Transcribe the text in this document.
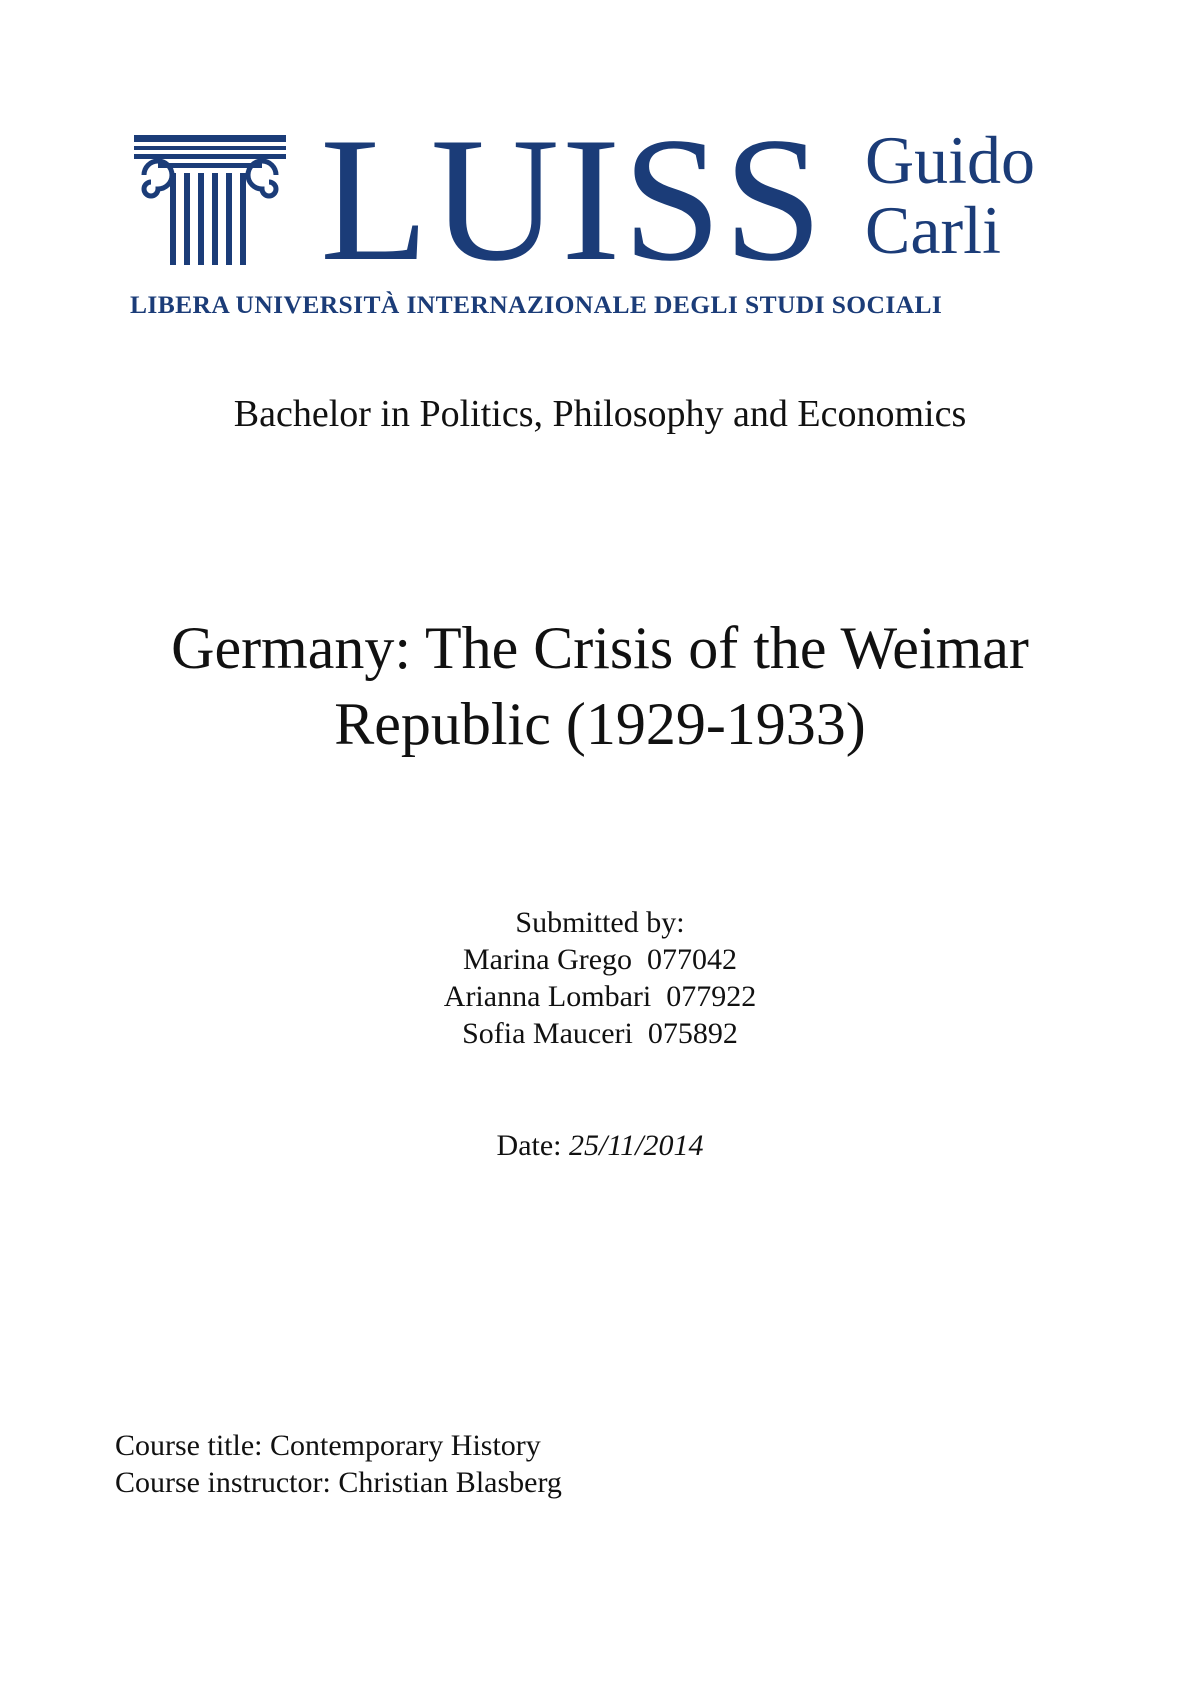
LUISS Guido
Carli
LIBERA UNIVERSITÀ INTERNAZIONALE DEGLI STUDI SOCIALI
Bachelor in Politics, Philosophy and Economics
Germany: The Crisis of the Weimar
Republic (1929-1933)
Submitted by:
Marina Grego 077042
Arianna Lombari 077922
Sofia Mauceri 075892
Date: 25/11/2014
Course title: Contemporary History
Course instructor: Christian Blasberg
